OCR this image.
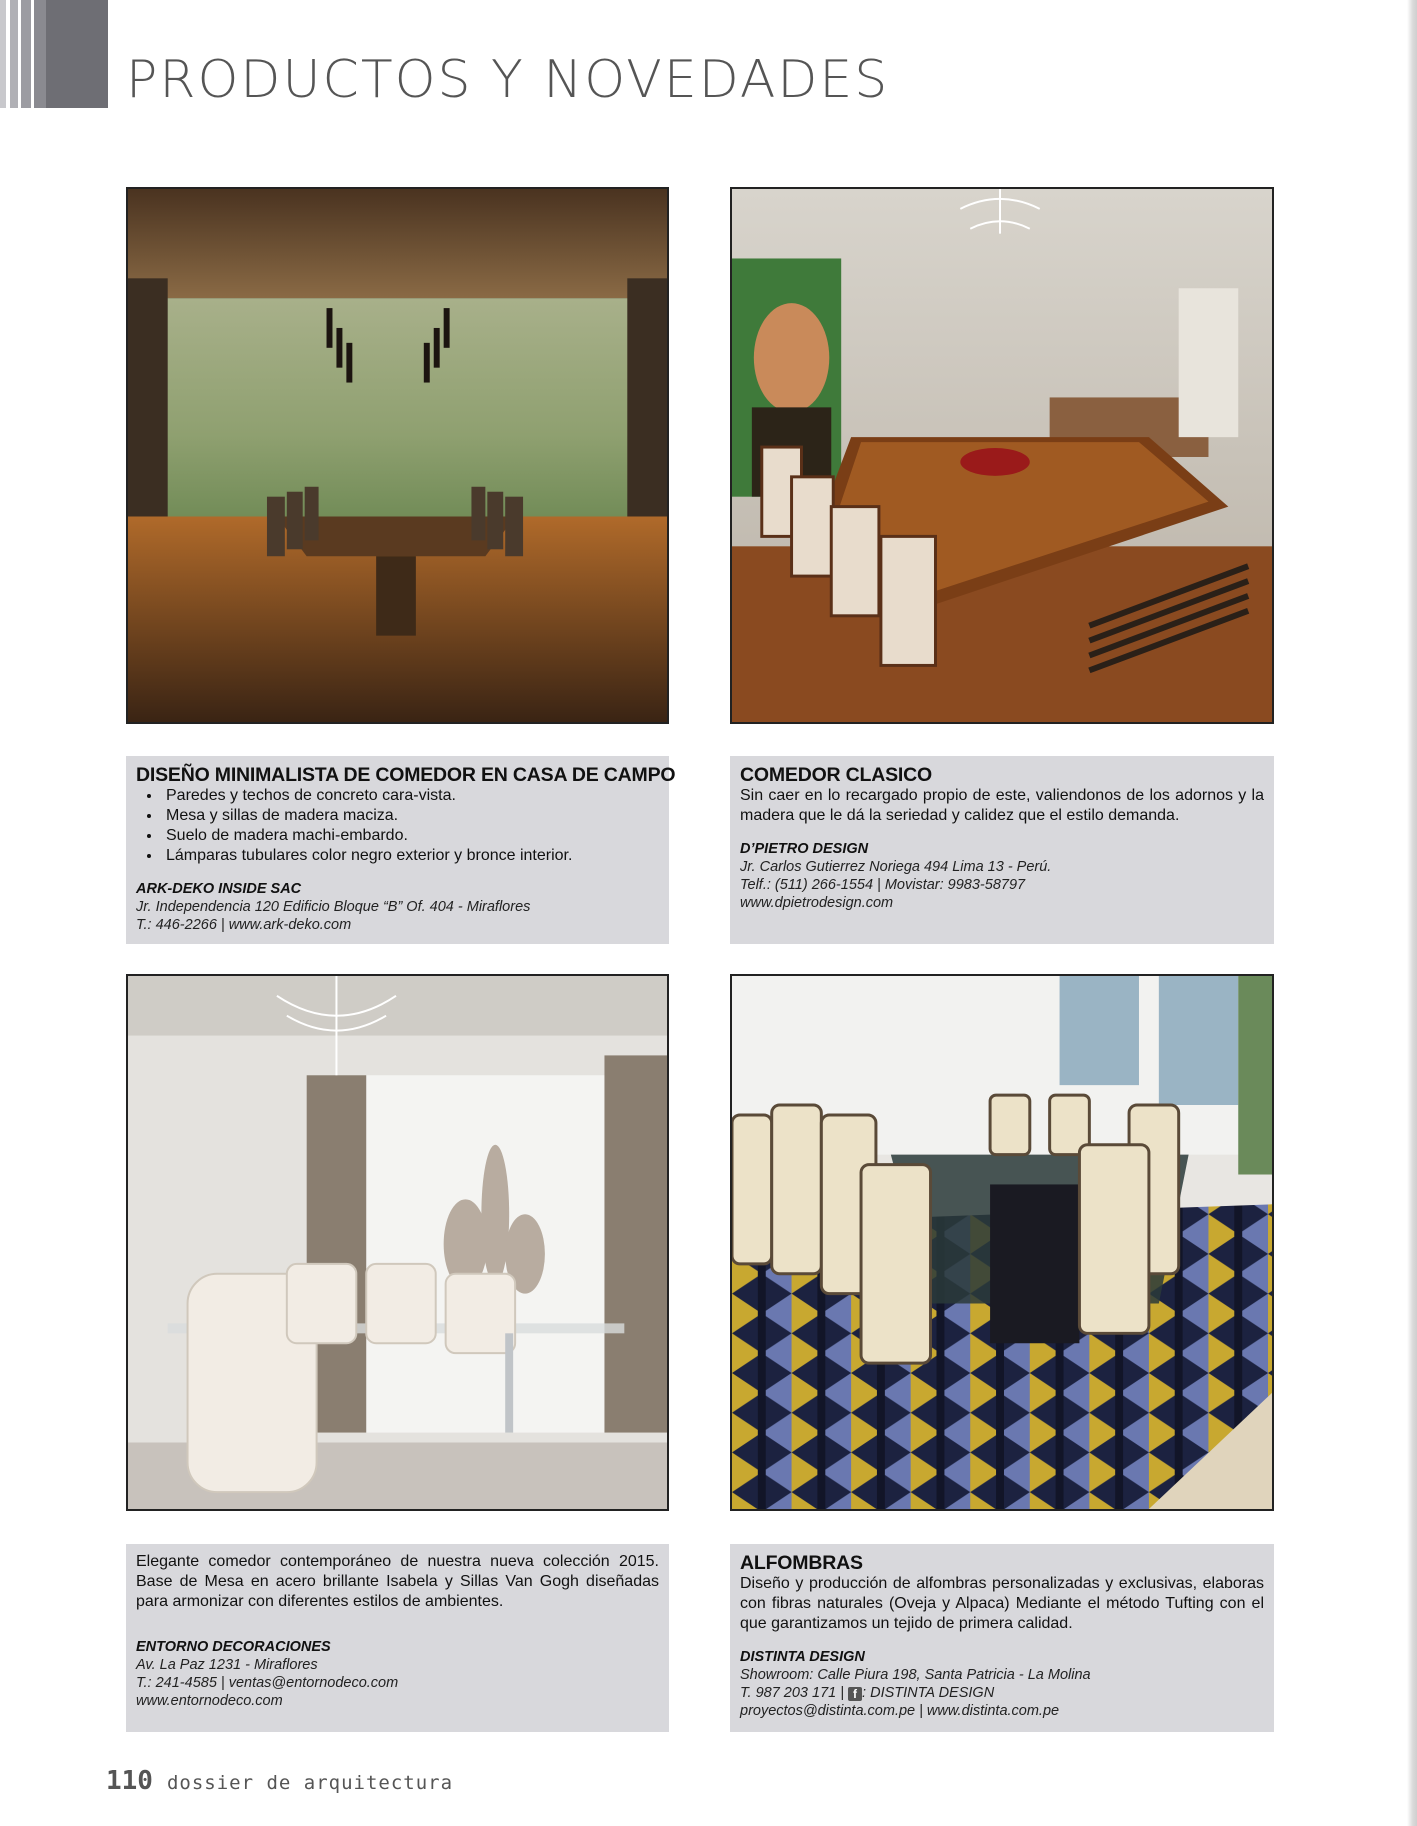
PRODUCTOS Y NOVEDADES
DISEÑO MINIMALISTA DE COMEDOR EN CASA DE CAMPO
• Paredes y techos de concreto cara-vista.
• Mesa y sillas de madera maciza.
• Suelo de madera machi-embardo.
• Lámparas tubulares color negro exterior y bronce interior.

ARK-DEKO INSIDE SAC

Jr. Independencia 120 Edificio Bloque “B” Of. 404 - Miraflores

T.: 446-2266 | www.ark-deko.com

COMEDOR CLASICO

Sin caer en lo recargado propio de este, valiendonos de los adornos y la madera que le dá la seriedad y calidez que el estilo demanda.

D’PIETRO DESIGN

Jr. Carlos Gutierrez Noriega 494 Lima 13 - Perú.

Telf.: (511) 266-1554 | Movistar: 9983-58797

www.dpietrodesign.com

Elegante comedor contemporáneo de nuestra nueva colección 2015. Base de Mesa en acero brillante Isabela y Sillas Van Gogh diseñadas para armonizar con diferentes estilos de ambientes.

ENTORNO DECORACIONES

Av. La Paz 1231 - Miraflores

T.: 241-4585 | ventas@entornodeco.com

www.entornodeco.com

ALFOMBRAS

Diseño y producción de alfombras personalizadas y exclusivas, elaboras con fibras naturales (Oveja y Alpaca) Mediante el método Tufting con el que garantizamos un tejido de primera calidad.

DISTINTA DESIGN

Showroom: Calle Piura 198, Santa Patricia - La Molina

T. 987 203 171 | f : DISTINTA DESIGN

proyectos@distinta.com.pe | www.distinta.com.pe

110 dossier de arquitectura
